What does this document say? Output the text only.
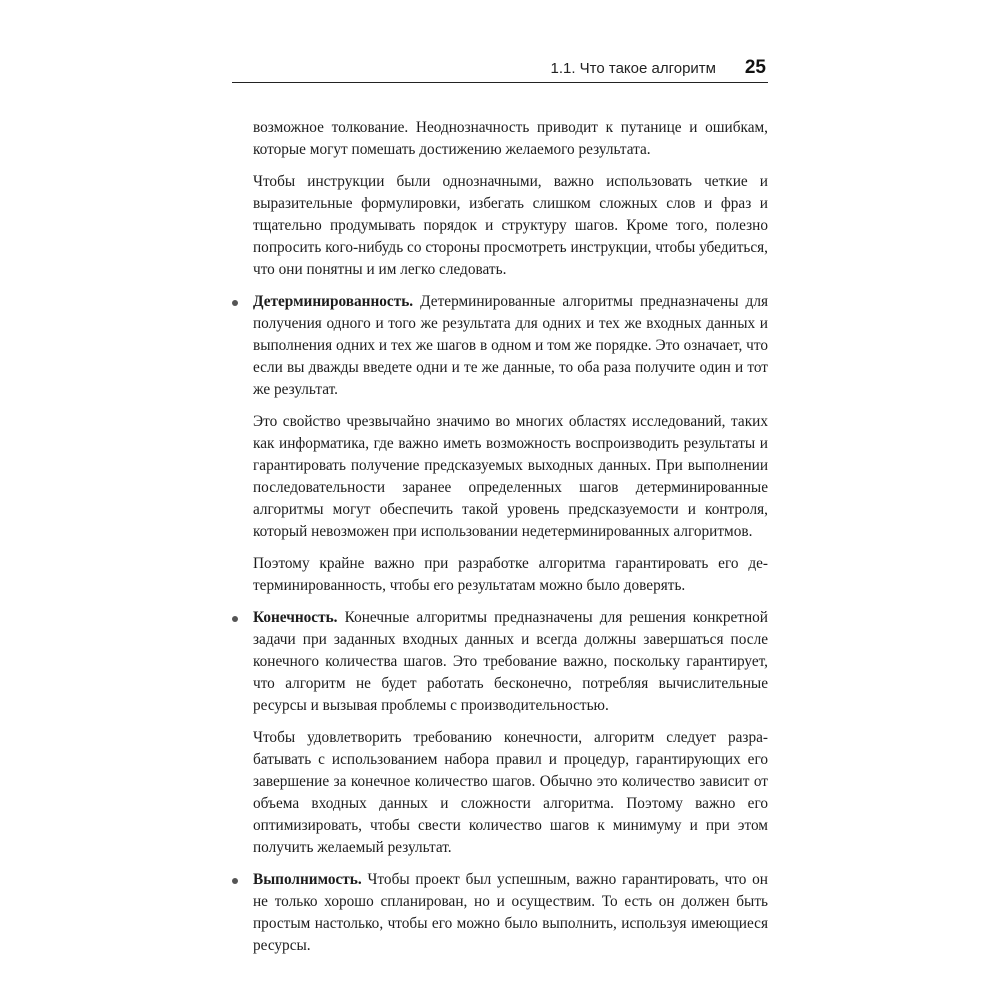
1.1. Что такое алгоритм 25

возможное толкование. Неоднозначность приводит к путанице и ошибкам, которые могут помешать достижению желаемого результата.

Чтобы инструкции были однозначными, важно использовать четкие и выразительные формулировки, избегать слишком сложных слов и фраз и тщательно продумывать порядок и структуру шагов. Кроме того, полезно попросить кого-нибудь со стороны просмотреть инструкции, чтобы убедиться, что они понятны и им легко следовать.

Детерминированность. Детерминированные алгоритмы предназначены для получения одного и того же результата для одних и тех же входных данных и выполнения одних и тех же шагов в одном и том же порядке. Это означает, что если вы дважды введете одни и те же данные, то оба раза получите один и тот же результат.

Это свойство чрезвычайно значимо во многих областях исследований, таких как информатика, где важно иметь возможность воспроизводить результаты и гарантировать получение предсказуемых выходных данных. При выполнении последовательности заранее определенных шагов детерминированные алгоритмы могут обеспечить такой уровень предсказуемости и контроля, который невозможен при использовании недетерминированных алгоритмов.

Поэтому крайне важно при разработке алгоритма гарантировать его детерминированность, чтобы его результатам можно было доверять.

Конечность. Конечные алгоритмы предназначены для решения конкретной задачи при заданных входных данных и всегда должны завершаться после конечного количества шагов. Это требование важно, поскольку гарантирует, что алгоритм не будет работать бесконечно, потребляя вычислительные ресурсы и вызывая проблемы с производительностью.

Чтобы удовлетворить требованию конечности, алгоритм следует разрабатывать с использованием набора правил и процедур, гарантирующих его завершение за конечное количество шагов. Обычно это количество зависит от объема входных данных и сложности алгоритма. Поэтому важно его оптимизировать, чтобы свести количество шагов к минимуму и при этом получить желаемый результат.

Выполнимость. Чтобы проект был успешным, важно гарантировать, что он не только хорошо спланирован, но и осуществим. То есть он должен быть простым настолько, чтобы его можно было выполнить, используя имеющиеся ресурсы.
